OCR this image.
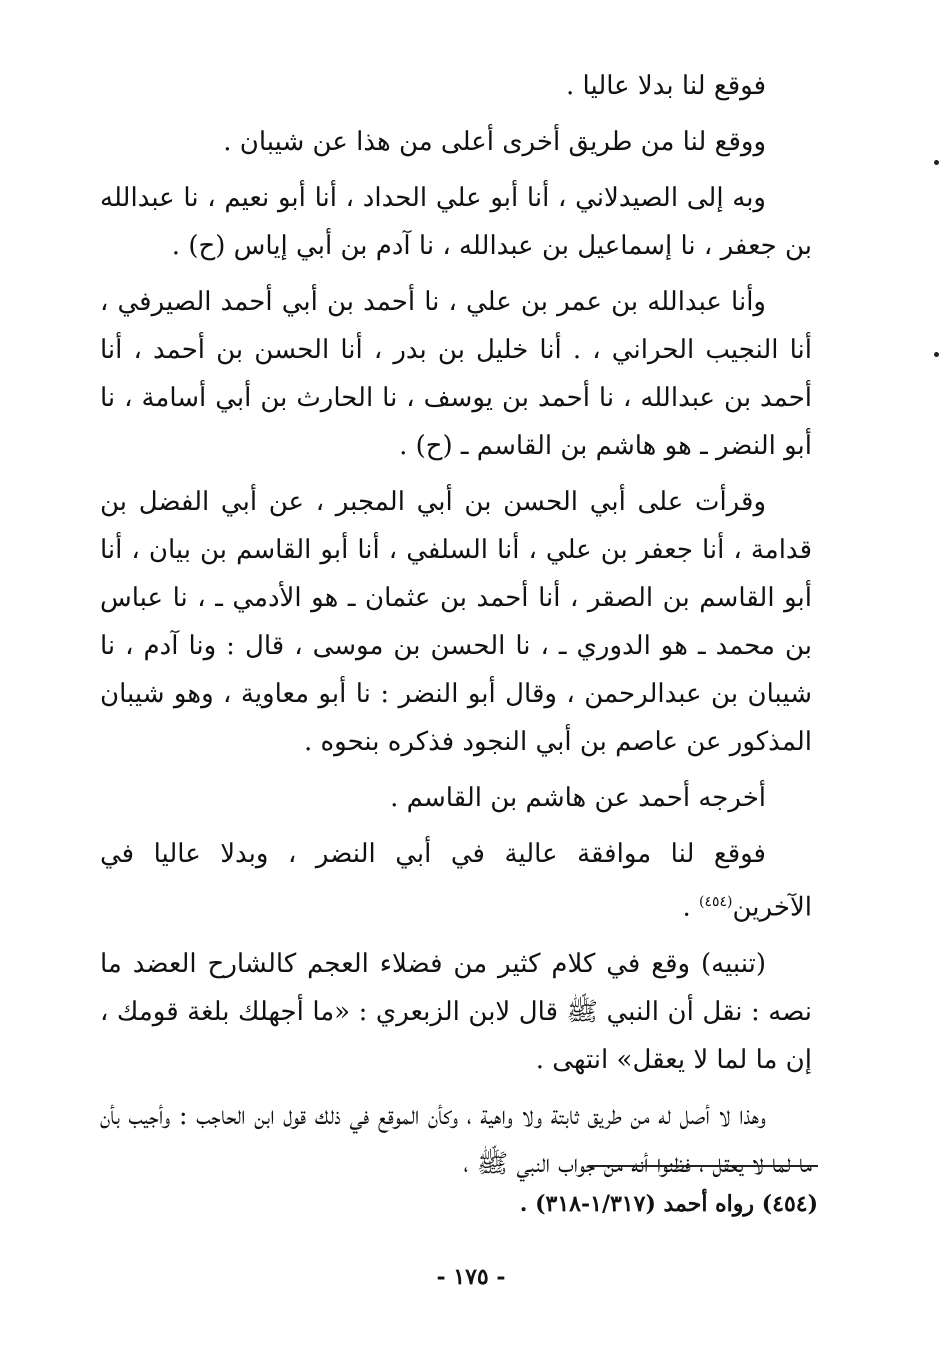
فوقع لنا بدلا عاليا .

ووقع لنا من طريق أخرى أعلى من هذا عن شيبان .

وبه إلى الصيدلاني ، أنا أبو علي الحداد ، أنا أبو نعيم ، نا عبدالله بن جعفر ، نا إسماعيل بن عبدالله ، نا آدم بن أبي إياس (ح) .

وأنا عبدالله بن عمر بن علي ، نا أحمد بن أبي أحمد الصيرفي ، أنا النجيب الحراني ، . أنا خليل بن بدر ، أنا الحسن بن أحمد ، أنا أحمد بن عبدالله ، نا أحمد بن يوسف ، نا الحارث بن أبي أسامة ، نا أبو النضر ـ هو هاشم بن القاسم ـ (ح) .

وقرأت على أبي الحسن بن أبي المجبر ، عن أبي الفضل بن قدامة ، أنا جعفر بن علي ، أنا السلفي ، أنا أبو القاسم بن بيان ، أنا أبو القاسم بن الصقر ، أنا أحمد بن عثمان ـ هو الأدمي ـ ، نا عباس بن محمد ـ هو الدوري ـ ، نا الحسن بن موسى ، قال : ونا آدم ، نا شيبان بن عبدالرحمن ، وقال أبو النضر : نا أبو معاوية ، وهو شيبان المذكور عن عاصم بن أبي النجود فذكره بنحوه .

أخرجه أحمد عن هاشم بن القاسم .

فوقع لنا موافقة عالية في أبي النضر ، وبدلا عاليا في الآخرين$^{(٤٥٤)}$ .

(تنبيه) وقع في كلام كثير من فضلاء العجم كالشارح العضد ما نصه : نقل أن النبي ﷺ قال لابن الزبعري : «ما أجهلك بلغة قومك ، إن ما لما لا يعقل» انتهى .

وهذا لا أصل له من طريق ثابتة ولا واهية ، وكأن الموقع في ذلك قول ابن الحاجب : وأجيب بأن ما لما لا يعقل ، فظنوا أنه من جواب النبي ﷺ ،

(٤٥٤) رواه أحمد (١/٣١٧-٣١٨) .
- ١٧٥ -
